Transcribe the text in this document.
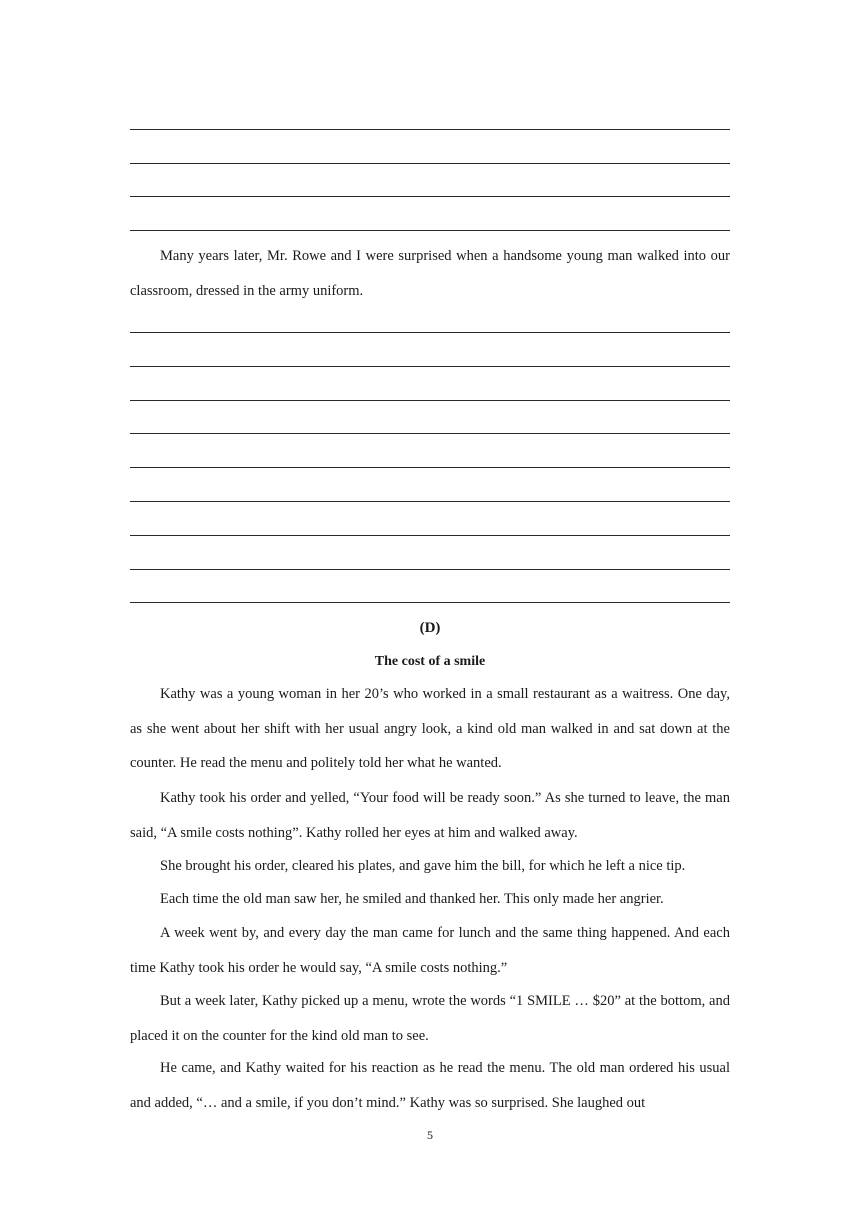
Many years later, Mr. Rowe and I were surprised when a handsome young man walked into our classroom, dressed in the army uniform.

(D)

The cost of a smile

Kathy was a young woman in her 20’s who worked in a small restaurant as a waitress. One day, as she went about her shift with her usual angry look, a kind old man walked in and sat down at the counter. He read the menu and politely told her what he wanted.

Kathy took his order and yelled, “Your food will be ready soon.” As she turned to leave, the man said, “A smile costs nothing”. Kathy rolled her eyes at him and walked away.

She brought his order, cleared his plates, and gave him the bill, for which he left a nice tip.

Each time the old man saw her, he smiled and thanked her. This only made her angrier.

A week went by, and every day the man came for lunch and the same thing happened. And each time Kathy took his order he would say, “A smile costs nothing.”

But a week later, Kathy picked up a menu, wrote the words “1 SMILE … $20” at the bottom, and placed it on the counter for the kind old man to see.

He came, and Kathy waited for his reaction as he read the menu. The old man ordered his usual and added, “… and a smile, if you don’t mind.” Kathy was so surprised. She laughed out

5
